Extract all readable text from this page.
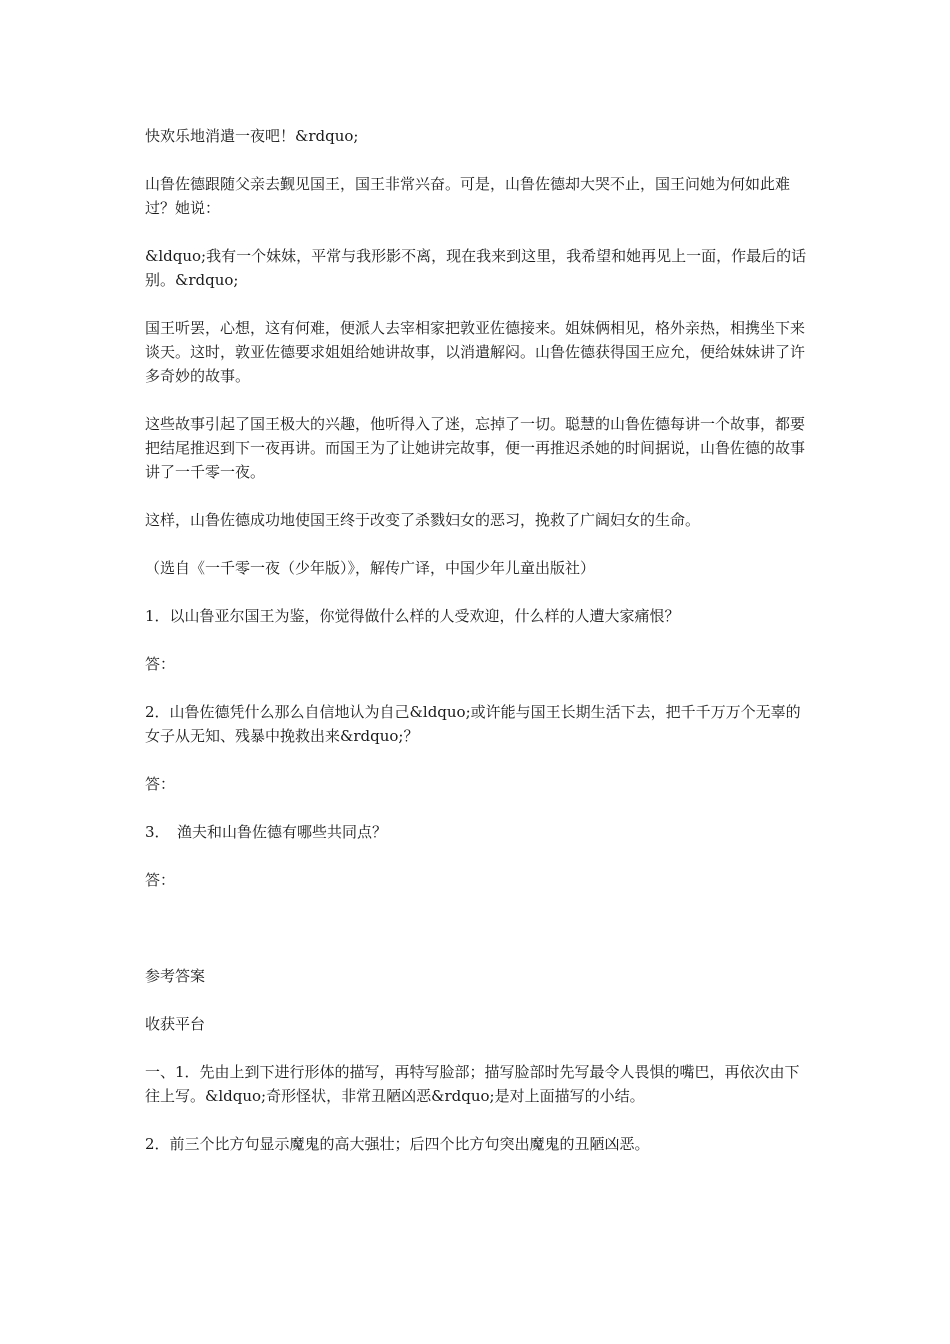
快欢乐地消遣一夜吧！&rdquo;

山鲁佐德跟随父亲去觐见国王，国王非常兴奋。可是，山鲁佐德却大哭不止，国王问她为何如此难过？她说：

&ldquo;我有一个妹妹，平常与我形影不离，现在我来到这里，我希望和她再见上一面，作最后的话别。&rdquo;

国王听罢，心想，这有何难，便派人去宰相家把敦亚佐德接来。姐妹俩相见，格外亲热，相携坐下来谈天。这时，敦亚佐德要求姐姐给她讲故事，以消遣解闷。山鲁佐德获得国王应允，便给妹妹讲了许多奇妙的故事。

这些故事引起了国王极大的兴趣，他听得入了迷，忘掉了一切。聪慧的山鲁佐德每讲一个故事，都要把结尾推迟到下一夜再讲。而国王为了让她讲完故事，便一再推迟杀她的时间据说，山鲁佐德的故事讲了一千零一夜。

这样，山鲁佐德成功地使国王终于改变了杀戮妇女的恶习，挽救了广阔妇女的生命。

（选自《一千零一夜（少年版）》，解传广译，中国少年儿童出版社）

1．以山鲁亚尔国王为鉴，你觉得做什么样的人受欢迎，什么样的人遭大家痛恨？

答：

2．山鲁佐德凭什么那么自信地认为自己&ldquo;或许能与国王长期生活下去，把千千万万个无辜的女子从无知、残暴中挽救出来&rdquo;？

答：

3．　渔夫和山鲁佐德有哪些共同点？

答：

参考答案

收获平台

一、1．先由上到下进行形体的描写，再特写脸部；描写脸部时先写最令人畏惧的嘴巴，再依次由下往上写。&ldquo;奇形怪状，非常丑陋凶恶&rdquo;是对上面描写的小结。

2．前三个比方句显示魔鬼的高大强壮；后四个比方句突出魔鬼的丑陋凶恶。
